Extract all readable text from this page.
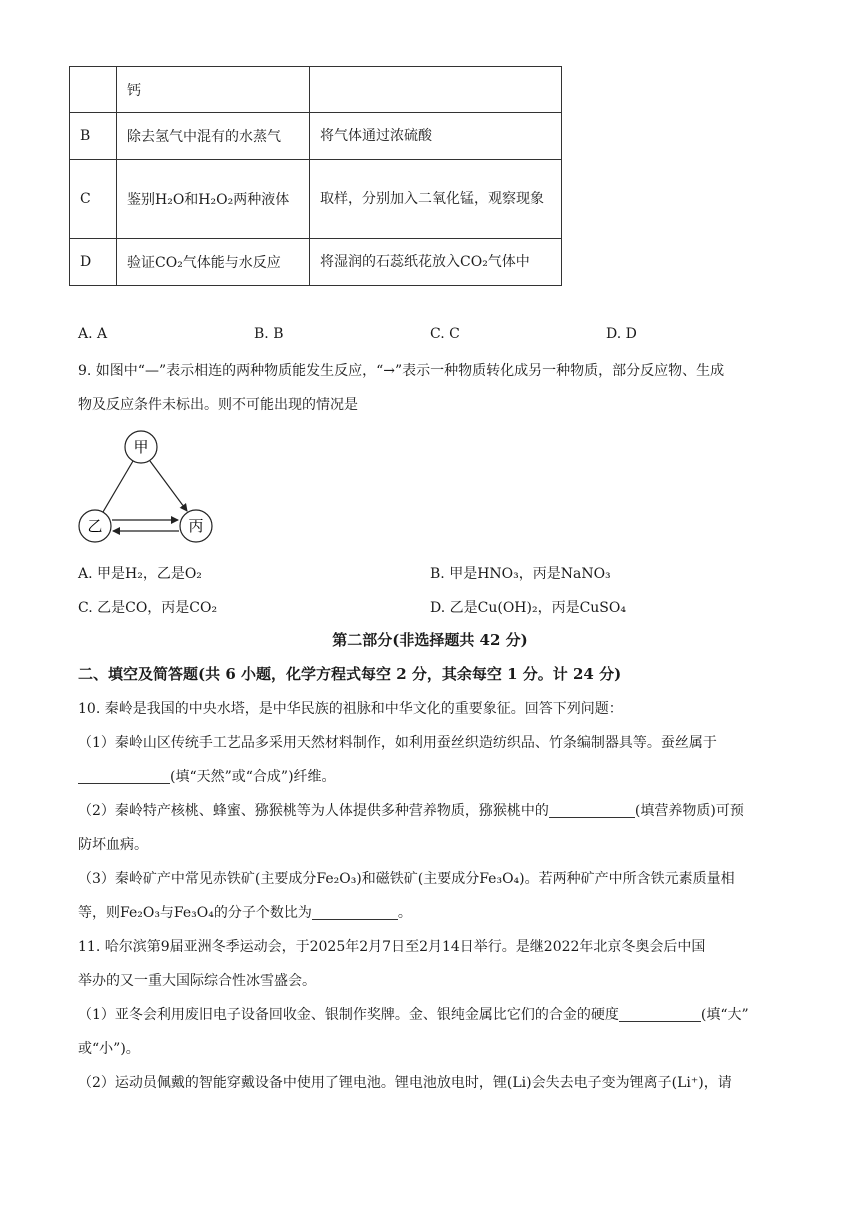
	钙	
B	除去氢气中混有的水蒸气	将气体通过浓硫酸
C	鉴别H₂O和H₂O₂两种液体	取样，分别加入二氧化锰，观察现象
D	验证CO₂气体能与水反应	将湿润的石蕊纸花放入CO₂气体中
A. A	B. B	C. C	D. D
9. 如图中“—”表示相连的两种物质能发生反应，“→”表示一种物质转化成另一种物质，部分反应物、生成
物及反应条件未标出。则不可能出现的情况是
甲
乙	丙
A. 甲是H₂，乙是O₂	B. 甲是HNO₃，丙是NaNO₃
C. 乙是CO，丙是CO₂	D. 乙是Cu(OH)₂，丙是CuSO₄
第二部分(非选择题共 42 分)
二、填空及简答题(共 6 小题，化学方程式每空 2 分，其余每空 1 分。计 24 分)
10. 秦岭是我国的中央水塔，是中华民族的祖脉和中华文化的重要象征。回答下列问题：
（1）秦岭山区传统手工艺品多采用天然材料制作，如利用蚕丝织造纺织品、竹条编制器具等。蚕丝属于
(填“天然”或“合成”)纤维。
（2）秦岭特产核桃、蜂蜜、猕猴桃等为人体提供多种营养物质，猕猴桃中的	(填营养物质)可预
防坏血病。
（3）秦岭矿产中常见赤铁矿(主要成分Fe₂O₃)和磁铁矿(主要成分Fe₃O₄)。若两种矿产中所含铁元素质量相
等，则Fe₂O₃与Fe₃O₄的分子个数比为	。
11. 哈尔滨第9届亚洲冬季运动会，于2025年2月7日至2月14日举行。是继2022年北京冬奥会后中国
举办的又一重大国际综合性冰雪盛会。
（1）亚冬会利用废旧电子设备回收金、银制作奖牌。金、银纯金属比它们的合金的硬度	(填“大”
或“小”)。
（2）运动员佩戴的智能穿戴设备中使用了锂电池。锂电池放电时，锂(Li)会失去电子变为锂离子(Li⁺)，请
